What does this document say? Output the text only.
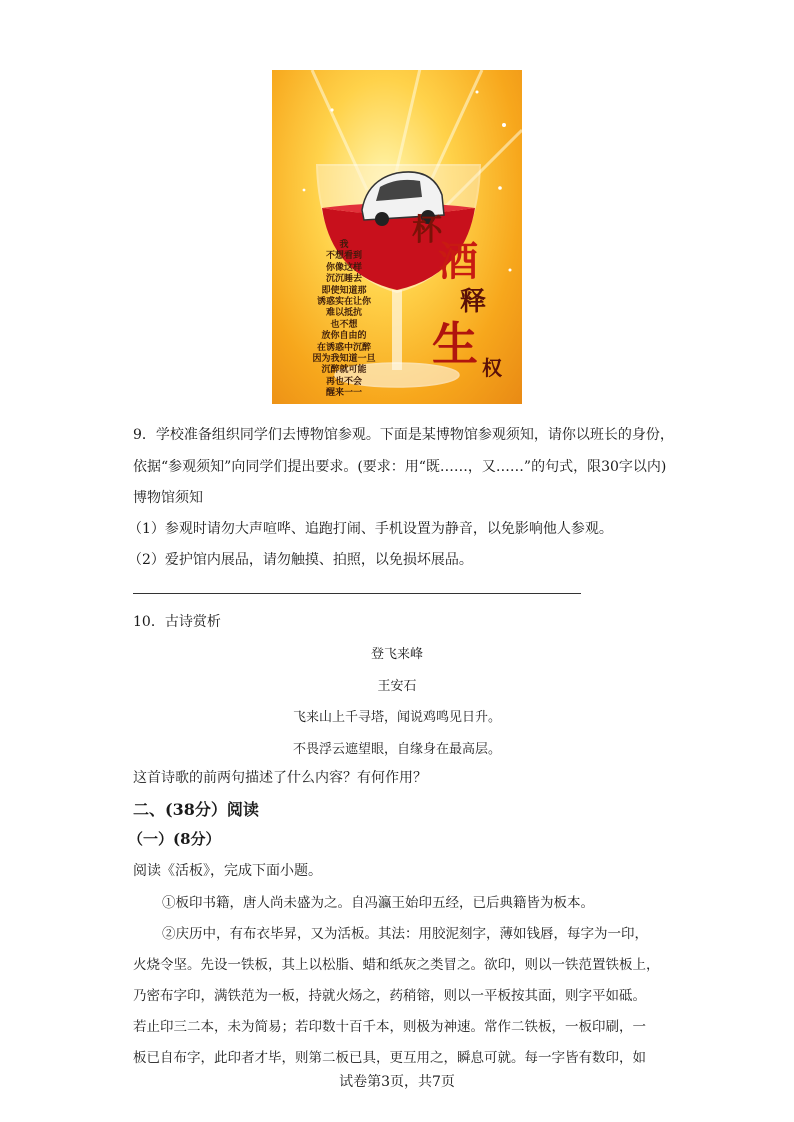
杯
酒
释
生 权
我
不想看到
你像这样
沉沉睡去
即使知道那
诱惑实在让你
难以抵抗
也不想
放你自由的
在诱惑中沉醉
因为我知道一旦
沉醉就可能
再也不会
醒来一一
9．学校准备组织同学们去博物馆参观。下面是某博物馆参观须知，请你以班长的身份，
依据“参观须知”向同学们提出要求。(要求：用“既……，又……”的句式，限30字以内)
博物馆须知
（1）参观时请勿大声喧哗、追跑打闹、手机设置为静音，以免影响他人参观。
（2）爱护馆内展品，请勿触摸、拍照，以免损坏展品。
10．古诗赏析
登飞来峰
王安石
飞来山上千寻塔，闻说鸡鸣见日升。
不畏浮云遮望眼，自缘身在最高层。
这首诗歌的前两句描述了什么内容？有何作用？
二、(38分）阅读
（一）(8分）
阅读《活板》，完成下面小题。
①板印书籍，唐人尚未盛为之。自冯瀛王始印五经，已后典籍皆为板本。
②庆历中，有布衣毕昇，又为活板。其法：用胶泥刻字，薄如钱唇，每字为一印，
火烧令坚。先设一铁板，其上以松脂、蜡和纸灰之类冒之。欲印，则以一铁范置铁板上，
乃密布字印，满铁范为一板，持就火炀之，药稍镕，则以一平板按其面，则字平如砥。
若止印三二本，未为简易；若印数十百千本，则极为神速。常作二铁板，一板印刷，一
板已自布字，此印者才毕，则第二板已具，更互用之，瞬息可就。每一字皆有数印，如
试卷第3页，共7页
